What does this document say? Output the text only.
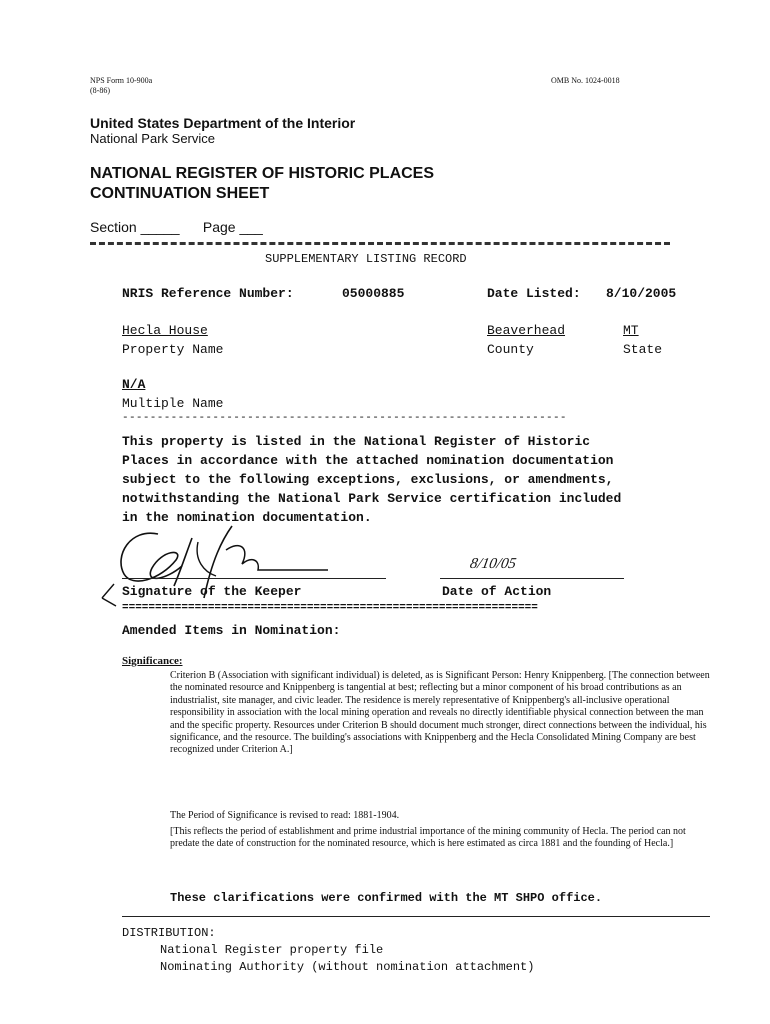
NPS Form 10-900a
(8-86)
OMB No. 1024-0018
United States Department of the Interior
National Park Service
NATIONAL REGISTER OF HISTORIC PLACES
CONTINUATION SHEET
Section _____      Page ___
SUPPLEMENTARY LISTING RECORD
NRIS Reference Number:	05000885	Date Listed: 8/10/2005
Hecla House
Property Name
Beaverhead
County
MT
State
N/A
Multiple Name
----------------------------------------------------------------
This property is listed in the National Register of Historic
Places in accordance with the attached nomination documentation
subject to the following exceptions, exclusions, or amendments,
notwithstanding the National Park Service certification included
in the nomination documentation.
8/10/05
Signature of the Keeper	Date of Action
===============================================================
Amended Items in Nomination:
Significance:
Criterion B (Association with significant individual) is deleted, as is Significant Person: Henry Knippenberg. [The connection between the nominated resource and Knippenberg is tangential at best; reflecting but a minor component of his broad contributions as an industrialist, site manager, and civic leader. The residence is merely representative of Knippenberg's all-inclusive operational responsibility in association with the local mining operation and reveals no directly identifiable physical connection between the man and the specific property. Resources under Criterion B should document much stronger, direct connections between the individual, his significance, and the resource. The building's associations with Knippenberg and the Hecla Consolidated Mining Company are best recognized under Criterion A.]
The Period of Significance is revised to read: 1881-1904.
[This reflects the period of establishment and prime industrial importance of the mining community of Hecla. The period can not predate the date of construction for the nominated resource, which is here estimated as circa 1881 and the founding of Hecla.]
These clarifications were confirmed with the MT SHPO office.
DISTRIBUTION:
National Register property file
Nominating Authority (without nomination attachment)
